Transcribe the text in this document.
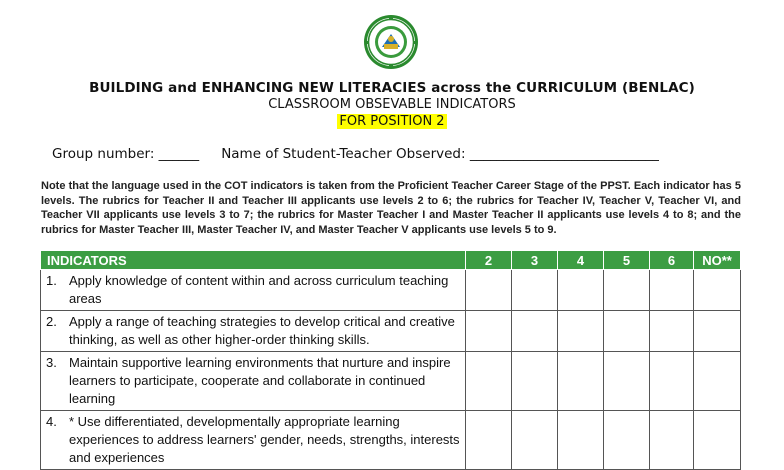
BUILDING and ENHANCING NEW LITERACIES across the CURRICULUM (BENLAC)
CLASSROOM OBSEVABLE INDICATORS
FOR POSITION 2
Group number: ______ Name of Student-Teacher Observed: ____________________________
Note that the language used in the COT indicators is taken from the Proficient Teacher Career Stage of the PPST. Each indicator has 5 levels. The rubrics for Teacher II and Teacher III applicants use levels 2 to 6; the rubrics for Teacher IV, Teacher V, Teacher VI, and Teacher VII applicants use levels 3 to 7; the rubrics for Master Teacher I and Master Teacher II applicants use levels 4 to 8; and the rubrics for Master Teacher III, Master Teacher IV, and Master Teacher V applicants use levels 5 to 9.
INDICATORS	2	3	4	5	6	NO**

1. Apply knowledge of content within and across curriculum teaching areas						

2. Apply a range of teaching strategies to develop critical and creative thinking, as well as other higher-order thinking skills.						

3. Maintain supportive learning environments that nurture and inspire learners to participate, cooperate and collaborate in continued learning						

4. * Use differentiated, developmentally appropriate learning experiences to address learners' gender, needs, strengths, interests and experiences						
